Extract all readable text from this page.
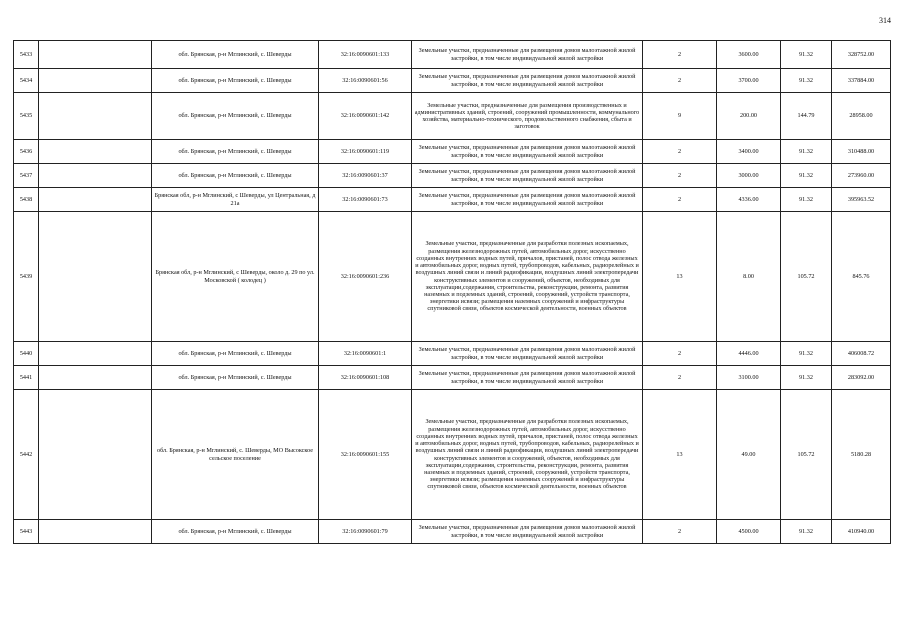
314
5433		обл. Брянская, р-н Мглинский, с. Шеверды	32:16:0090601:133	Земельные участки, предназначенные для размещения домов малоэтажной жилой застройки, в том числе индивидуальной жилой застройки	2	3600.00	91.32	328752.00
5434		обл. Брянская, р-н Мглинский, с. Шеверды	32:16:0090601:56	Земельные участки, предназначенные для размещения домов малоэтажной жилой застройки, в том числе индивидуальной жилой застройки	2	3700.00	91.32	337884.00
5435		обл. Брянская, р-н Мглинский, с. Шеверды	32:16:0090601:142	Земельные участки, предназначенные для размещения производственных и административных зданий, строений, сооружений промышленности, коммунального хозяйства, материально-технического, продовольственного снабжения, сбыта и заготовок	9	200.00	144.79	28958.00
5436		обл. Брянская, р-н Мглинский, с. Шеверды	32:16:0090601:119	Земельные участки, предназначенные для размещения домов малоэтажной жилой застройки, в том числе индивидуальной жилой застройки	2	3400.00	91.32	310488.00
5437		обл. Брянская, р-н Мглинский, с. Шеверды	32:16:0090601:37	Земельные участки, предназначенные для размещения домов малоэтажной жилой застройки, в том числе индивидуальной жилой застройки	2	3000.00	91.32	273960.00
5438		Брянская обл, р-н Мглинский, с Шеверды, ул Центральная, д 21а	32:16:0090601:73	Земельные участки, предназначенные для размещения домов малоэтажной жилой застройки, в том числе индивидуальной жилой застройки	2	4336.00	91.32	395963.52
5439		Брянская обл, р-н Мглинский, с Шеверды, около д. 29 по ул. Московской ( колодец )	32:16:0090601:236	Земельные участки, предназначенные для разработки полезных ископаемых, размещения железнодорожных путей, автомобильных дорог, искусственно созданных внутренних водных путей, причалов, пристаней, полос отвода железных и автомобильных дорог, водных путей, трубопроводов, кабельных, радиорелейных и воздушных линий связи и линий радиофикации, воздушных линий электропередачи конструктивных элементов и сооружений, объектов, необходимых для эксплуатации,содержания, строительства, реконструкции, ремонта, развития наземных и подземных зданий, строений, сооружений, устройств транспорта, энергетики исвязи; размещения наземных сооружений и инфраструктуры спутниковой связи, объектов космической деятельности, военных объектов	13	8.00	105.72	845.76
5440		обл. Брянская, р-н Мглинский, с. Шеверды	32:16:0090601:1	Земельные участки, предназначенные для размещения домов малоэтажной жилой застройки, в том числе индивидуальной жилой застройки	2	4446.00	91.32	406008.72
5441		обл. Брянская, р-н Мглинский, с. Шеверды	32:16:0090601:108	Земельные участки, предназначенные для размещения домов малоэтажной жилой застройки, в том числе индивидуальной жилой застройки	2	3100.00	91.32	283092.00
5442		обл. Брянская, р-н Мглинский, с. Шеверды, МО Высокское сельское поселение	32:16:0090601:155	Земельные участки, предназначенные для разработки полезных ископаемых, размещения железнодорожных путей, автомобильных дорог, искусственно созданных внутренних водных путей, причалов, пристаней, полос отвода железных и автомобильных дорог, водных путей, трубопроводов, кабельных, радиорелейных и воздушных линий связи и линий радиофикации, воздушных линий электропередачи конструктивных элементов и сооружений, объектов, необходимых для эксплуатации,содержания, строительства, реконструкции, ремонта, развития наземных и подземных зданий, строений, сооружений, устройств транспорта, энергетики исвязи; размещения наземных сооружений и инфраструктуры спутниковой связи, объектов космической деятельности, военных объектов	13	49.00	105.72	5180.28
5443		обл. Брянская, р-н Мглинский, с. Шеверды	32:16:0090601:79	Земельные участки, предназначенные для размещения домов малоэтажной жилой застройки, в том числе индивидуальной жилой застройки	2	4500.00	91.32	410940.00
